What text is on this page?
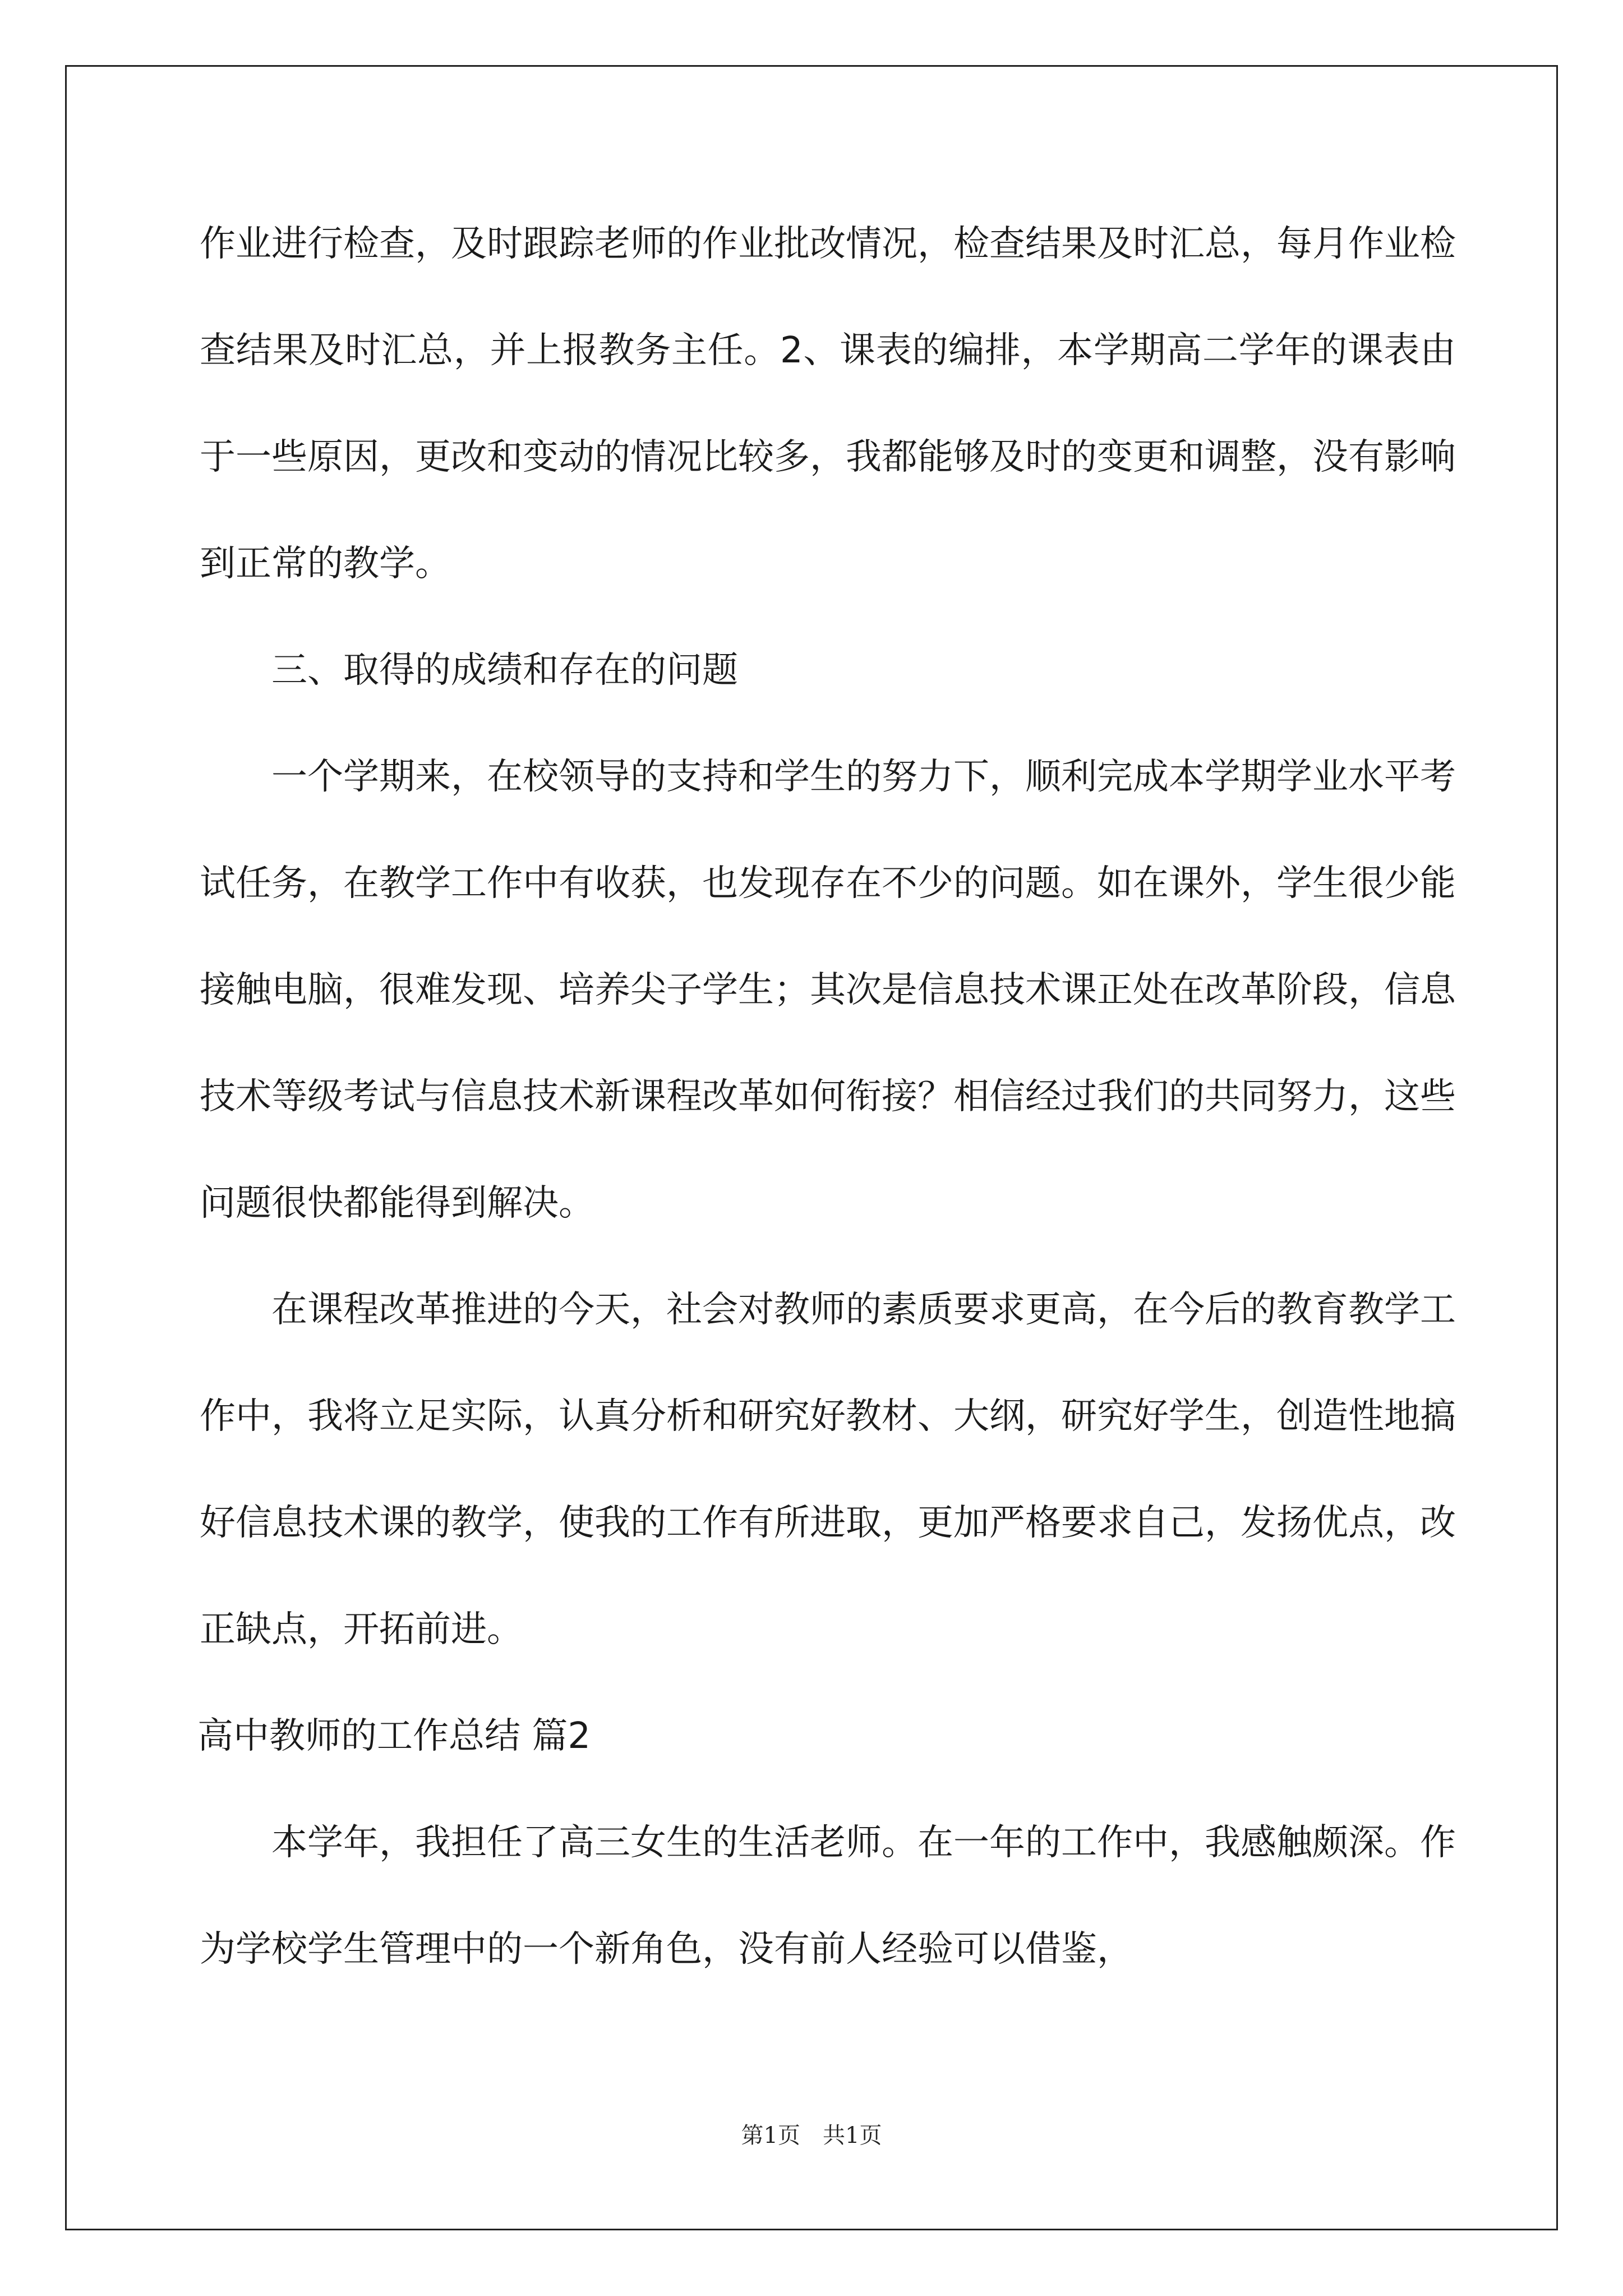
作业进行检查，及时跟踪老师的作业批改情况，检查结果及时汇总，每月作业检查结果及时汇总，并上报教务主任。2、课表的编排，本学期高二学年的课表由于一些原因，更改和变动的情况比较多，我都能够及时的变更和调整，没有影响到正常的教学。

三、取得的成绩和存在的问题

一个学期来，在校领导的支持和学生的努力下，顺利完成本学期学业水平考试任务，在教学工作中有收获，也发现存在不少的问题。如在课外，学生很少能接触电脑，很难发现、培养尖子学生；其次是信息技术课正处在改革阶段，信息技术等级考试与信息技术新课程改革如何衔接？相信经过我们的共同努力，这些问题很快都能得到解决。

在课程改革推进的今天，社会对教师的素质要求更高，在今后的教育教学工作中，我将立足实际，认真分析和研究好教材、大纲，研究好学生，创造性地搞好信息技术课的教学，使我的工作有所进取，更加严格要求自己，发扬优点，改正缺点，开拓前进。

高中教师的工作总结 篇2

本学年，我担任了高三女生的生活老师。在一年的工作中，我感触颇深。作为学校学生管理中的一个新角色，没有前人经验可以借鉴，

第1页　共1页
